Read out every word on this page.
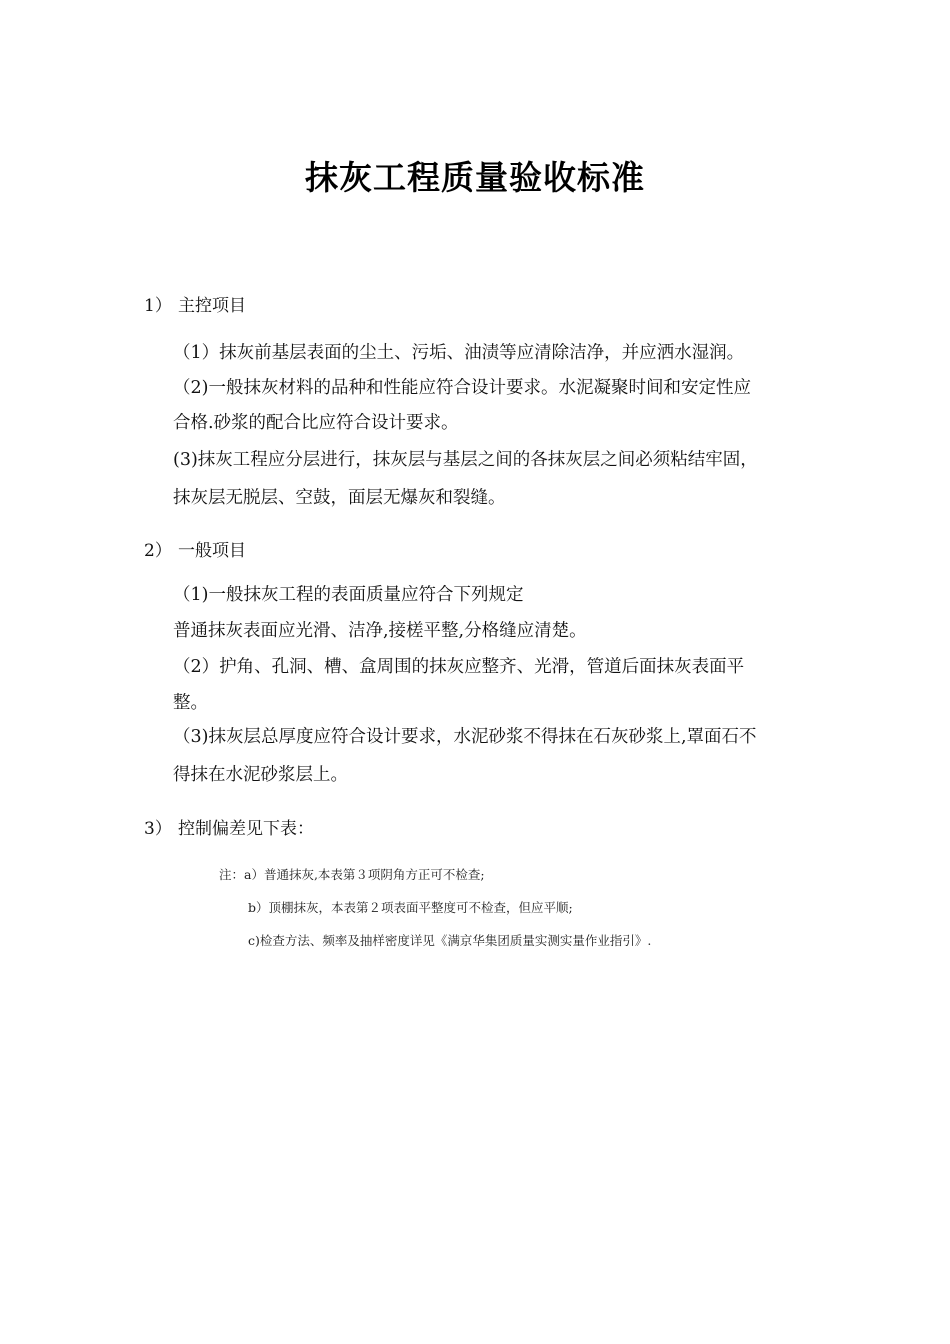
抹灰工程质量验收标准
1） 主控项目
（1）抹灰前基层表面的尘土、污垢、油渍等应清除洁净，并应洒水湿润。
（2)一般抹灰材料的品种和性能应符合设计要求。水泥凝聚时间和安定性应
合格.砂浆的配合比应符合设计要求。
(3)抹灰工程应分层进行，抹灰层与基层之间的各抹灰层之间必须粘结牢固，
抹灰层无脱层、空鼓，面层无爆灰和裂缝。
2） 一般项目
（1)一般抹灰工程的表面质量应符合下列规定
普通抹灰表面应光滑、洁净,接槎平整,分格缝应清楚。
（2）护角、孔洞、槽、盒周围的抹灰应整齐、光滑，管道后面抹灰表面平
整。
（3)抹灰层总厚度应符合设计要求，水泥砂浆不得抹在石灰砂浆上,罩面石不
得抹在水泥砂浆层上。
3） 控制偏差见下表：
注：a）普通抹灰,本表第３项阴角方正可不检查;
b）顶棚抹灰，本表第２项表面平整度可不检查，但应平顺;
c)检查方法、频率及抽样密度详见《满京华集团质量实测实量作业指引》.
